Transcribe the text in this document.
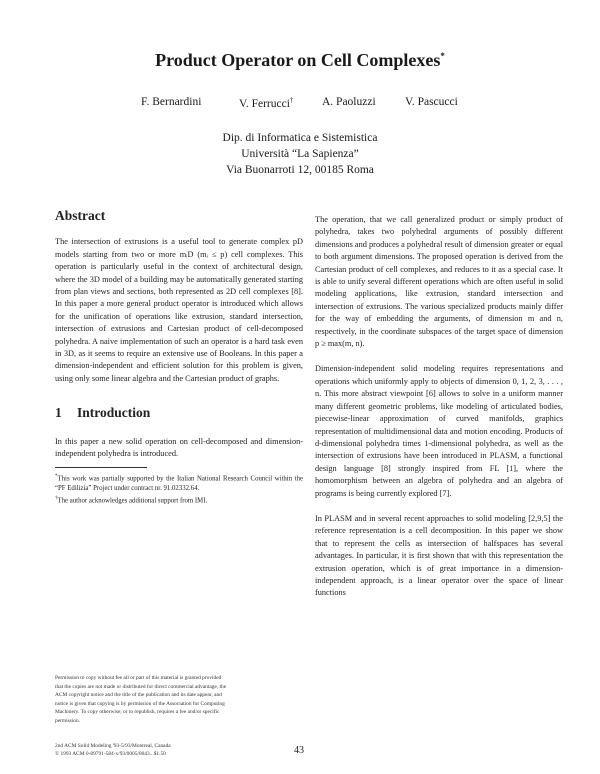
Product Operator on Cell Complexes*
F. Bernardini	V. Ferrucci† A. Paoluzzi	V. Pascucci
Dip. di Informatica e Sistemistica
Università “La Sapienza”
Via Buonarroti 12, 00185 Roma
Abstract

The intersection of extrusions is a useful tool to generate complex pD models starting from two or more mᵢD (mᵢ ≤ p) cell complexes. This operation is particularly useful in the context of architectural design, where the 3D model of a building may be automatically generated starting from plan views and sections, both represented as 2D cell complexes [8]. In this paper a more general product operator is introduced which allows for the unification of operations like extrusion, standard intersection, intersection of extrusions and Cartesian product of cell-decomposed polyhedra. A naive implementation of such an operator is a hard task even in 3D, as it seems to require an extensive use of Booleans. In this paper a dimension-independent and efficient solution for this problem is given, using only some linear algebra and the Cartesian product of graphs.

1 Introduction

In this paper a new solid operation on cell-decomposed and dimension-independent polyhedra is introduced.

*This work was partially supported by the Italian National Research Council within the “PF Edilizia” Project under contract nr. 91.02332.64.

†The author acknowledges additional support from IMI.

The operation, that we call generalized product or simply product of polyhedra, takes two polyhedral arguments of possibly different dimensions and produces a polyhedral result of dimension greater or equal to both argument dimensions. The proposed operation is derived from the Cartesian product of cell complexes, and reduces to it as a special case. It is able to unify several different operations which are often useful in solid modeling applications, like extrusion, standard intersection and intersection of extrusions. The various specialized products mainly differ for the way of embedding the arguments, of dimension m and n, respectively, in the coordinate subspaces of the target space of dimension p ≥ max(m, n).

Dimension-independent solid modeling requires representations and operations which uniformly apply to objects of dimension 0, 1, 2, 3, . . . , n. This more abstract viewpoint [6] allows to solve in a uniform manner many different geometric problems, like modeling of articulated bodies, piecewise-linear approximation of curved manifolds, graphics representation of multidimensional data and motion encoding. Products of d-dimensional polyhedra times 1-dimensional polyhedra, as well as the intersection of extrusions have been introduced in PLASM, a functional design language [8] strongly inspired from FL [1], where the homomorphism between an algebra of polyhedra and an algebra of programs is being currently explored [7].

In PLASM and in several recent approaches to solid modeling [2,9,5] the reference representation is a cell decomposition. In this paper we show that to represent the cells as intersection of halfspaces has several advantages. In particular, it is first shown that with this representation the extrusion operation, which is of great importance in a dimension-independent approach, is a linear operator over the space of linear functions

Permission to copy without fee all or part of this material is granted provided that the copies are not made or distributed for direct commercial advantage, the ACM copyright notice and the title of the publication and its date appear, and notice is given that copying is by permission of the Association for Computing Machinery. To copy otherwise, or to republish, requires a fee and/or specific permission.
2nd ACM Solid Modeling '93-5/93/Montreal, Canada
© 1993 ACM 0-89791-584-x/93/0005/0043...$1.50	43
